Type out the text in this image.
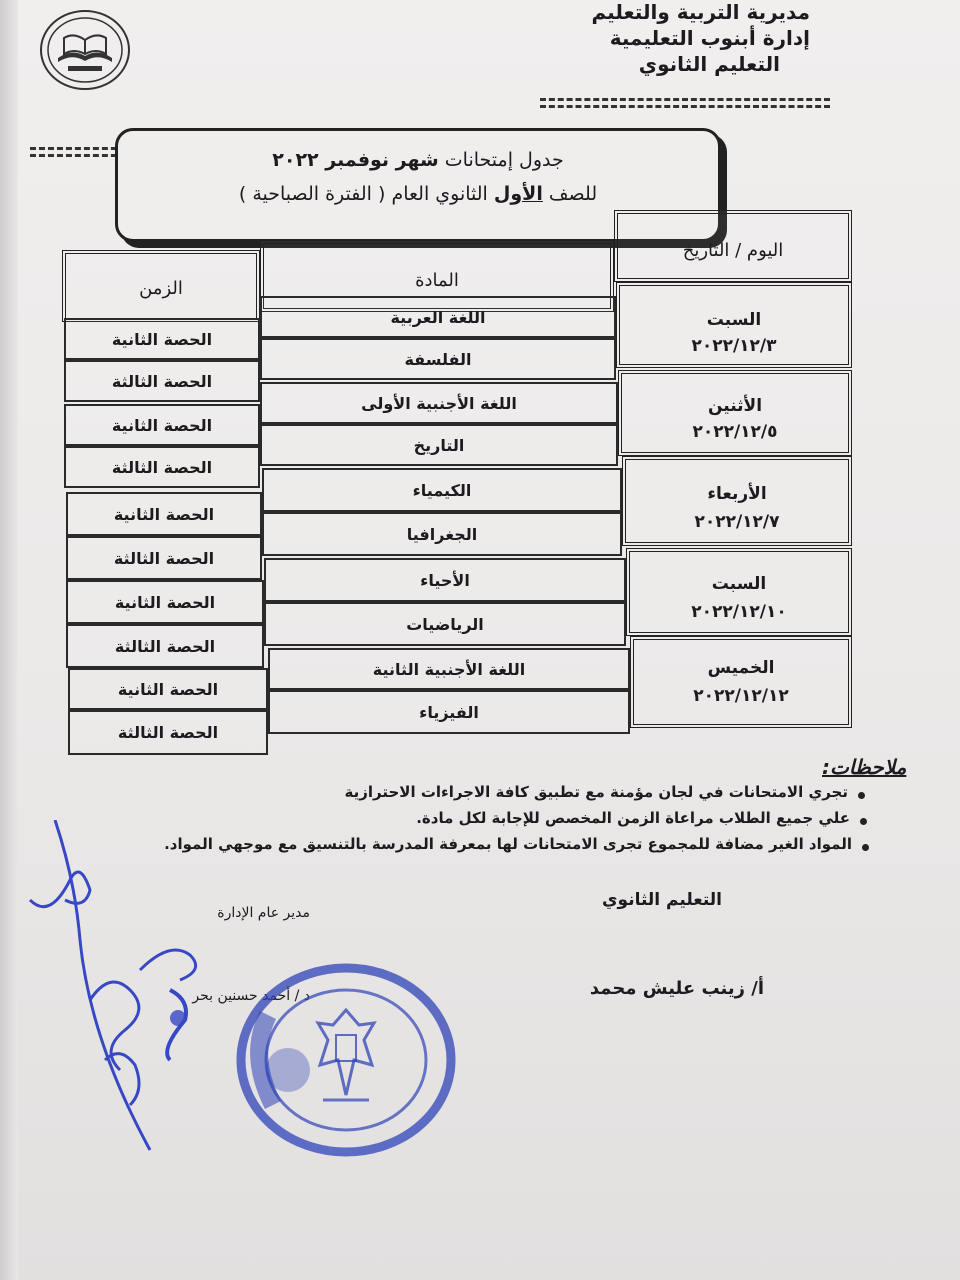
مديرية التربية والتعليم
إدارة أبنوب التعليمية
التعليم الثانوي
جدول إمتحانات شهر نوفمبر ٢٠٢٢
للصف الأول الثانوي العام ( الفترة الصباحية )
اليوم / التاريخ
المادة
الزمن
السبت
٢٠٢٢/١٢/٣
اللغة العربية
الفلسفة
الحصة الثانية
الحصة الثالثة
الأثنين
٢٠٢٢/١٢/٥
اللغة الأجنبية الأولى
التاريخ
الحصة الثانية
الحصة الثالثة
الأربعاء
٢٠٢٢/١٢/٧
الكيمياء
الجغرافيا
الحصة الثانية
الحصة الثالثة
السبت
٢٠٢٢/١٢/١٠
الأحياء
الرياضيات
الحصة الثانية
الحصة الثالثة
الخميس
٢٠٢٢/١٢/١٢
اللغة الأجنبية الثانية
الفيزياء
الحصة الثانية
الحصة الثالثة
ملاحظات:
تجري الامتحانات في لجان مؤمنة مع تطبيق كافة الاجراءات الاحترازية
علي جميع الطلاب مراعاة الزمن المخصص للإجابة لكل مادة.
المواد الغير مضافة للمجموع تجرى الامتحانات لها بمعرفة المدرسة بالتنسيق مع موجهي المواد.
التعليم الثانوي
أ/ زينب عليش محمد
مدير عام الإدارة
د / أحمد حسنين بحر
